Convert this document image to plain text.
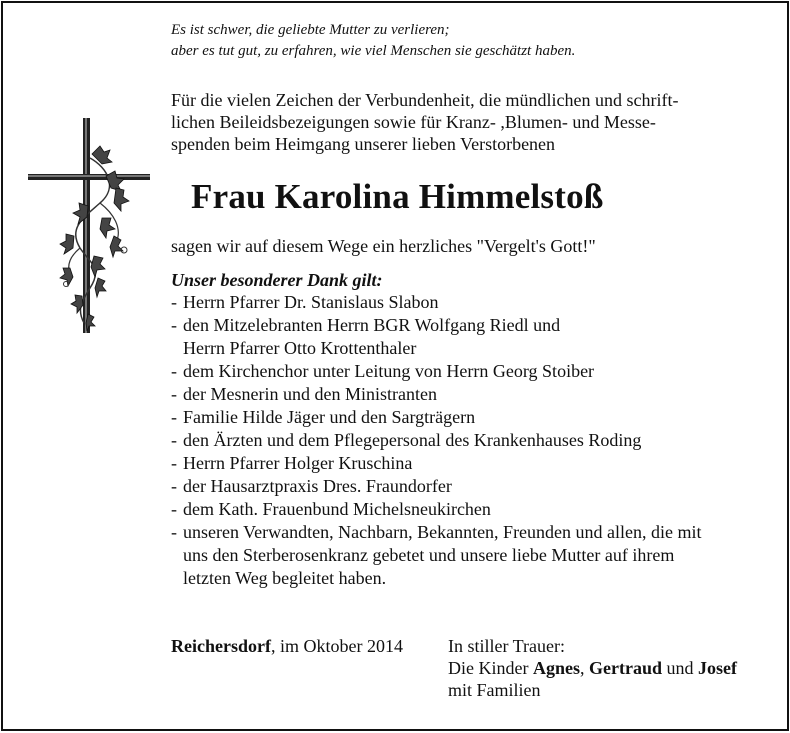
Es ist schwer, die geliebte Mutter zu verlieren;
aber es tut gut, zu erfahren, wie viel Menschen sie geschätzt haben.

Für die vielen Zeichen der Verbundenheit, die mündlichen und schrift-
lichen Beileidsbezeigungen sowie für Kranz- ,Blumen- und Messe-
spenden beim Heimgang unserer lieben Verstorbenen

Frau Karolina Himmelstoß

sagen wir auf diesem Wege ein herzliches "Vergelt's Gott!"

Unser besonderer Dank gilt:

- Herrn Pfarrer Dr. Stanislaus Slabon
- den Mitzelebranten Herrn BGR Wolfgang Riedl und
Herrn Pfarrer Otto Krottenthaler
- dem Kirchenchor unter Leitung von Herrn Georg Stoiber
- der Mesnerin und den Ministranten
- Familie Hilde Jäger und den Sargträgern
- den Ärzten und dem Pflegepersonal des Krankenhauses Roding
- Herrn Pfarrer Holger Kruschina
- der Hausarztpraxis Dres. Fraundorfer
- dem Kath. Frauenbund Michelsneukirchen
- unseren Verwandten, Nachbarn, Bekannten, Freunden und allen, die mit
uns den Sterberosenkranz gebetet und unsere liebe Mutter auf ihrem
letzten Weg begleitet haben.
Reichersdorf, im Oktober 2014	In stiller Trauer:
Die Kinder Agnes, Gertraud und Josef
mit Familien
